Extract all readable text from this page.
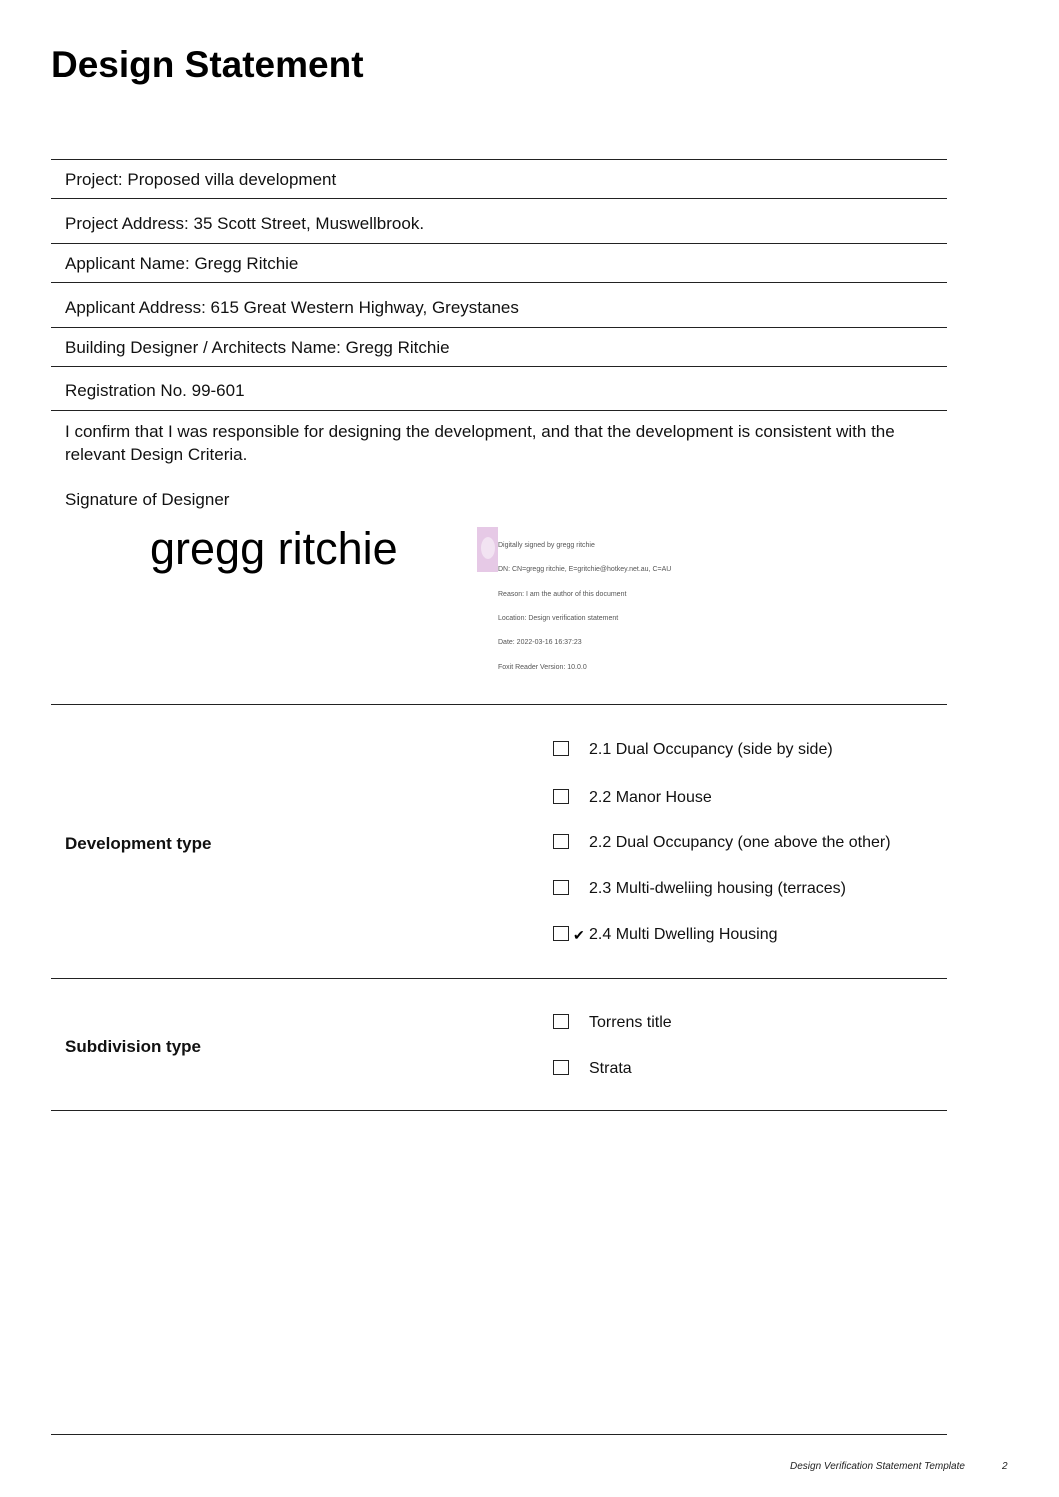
Design Statement
Project: Proposed villa development
Project Address: 35 Scott Street, Muswellbrook.
Applicant Name: Gregg Ritchie
Applicant Address: 615 Great Western Highway, Greystanes
Building Designer / Architects Name: Gregg Ritchie
Registration No. 99-601
I confirm that I was responsible for designing the development, and that the development is consistent with the relevant Design Criteria.
Signature of Designer
gregg ritchie

	Digitally signed by gregg ritchie

DN: CN=gregg ritchie, E=gritchie@hotkey.net.au, C=AU

Reason: I am the author of this document

Location: Design verification statement

Date: 2022-03-16 16:37:23

Foxit Reader Version: 10.0.0

Development type
2.1 Dual Occupancy (side by side)
2.2 Manor House
2.2 Dual Occupancy (one above the other)
2.3 Multi-dweliing housing (terraces)
✔ 2.4 Multi Dwelling Housing
Subdivision type
Torrens title
Strata
Design Verification Statement Template	2
